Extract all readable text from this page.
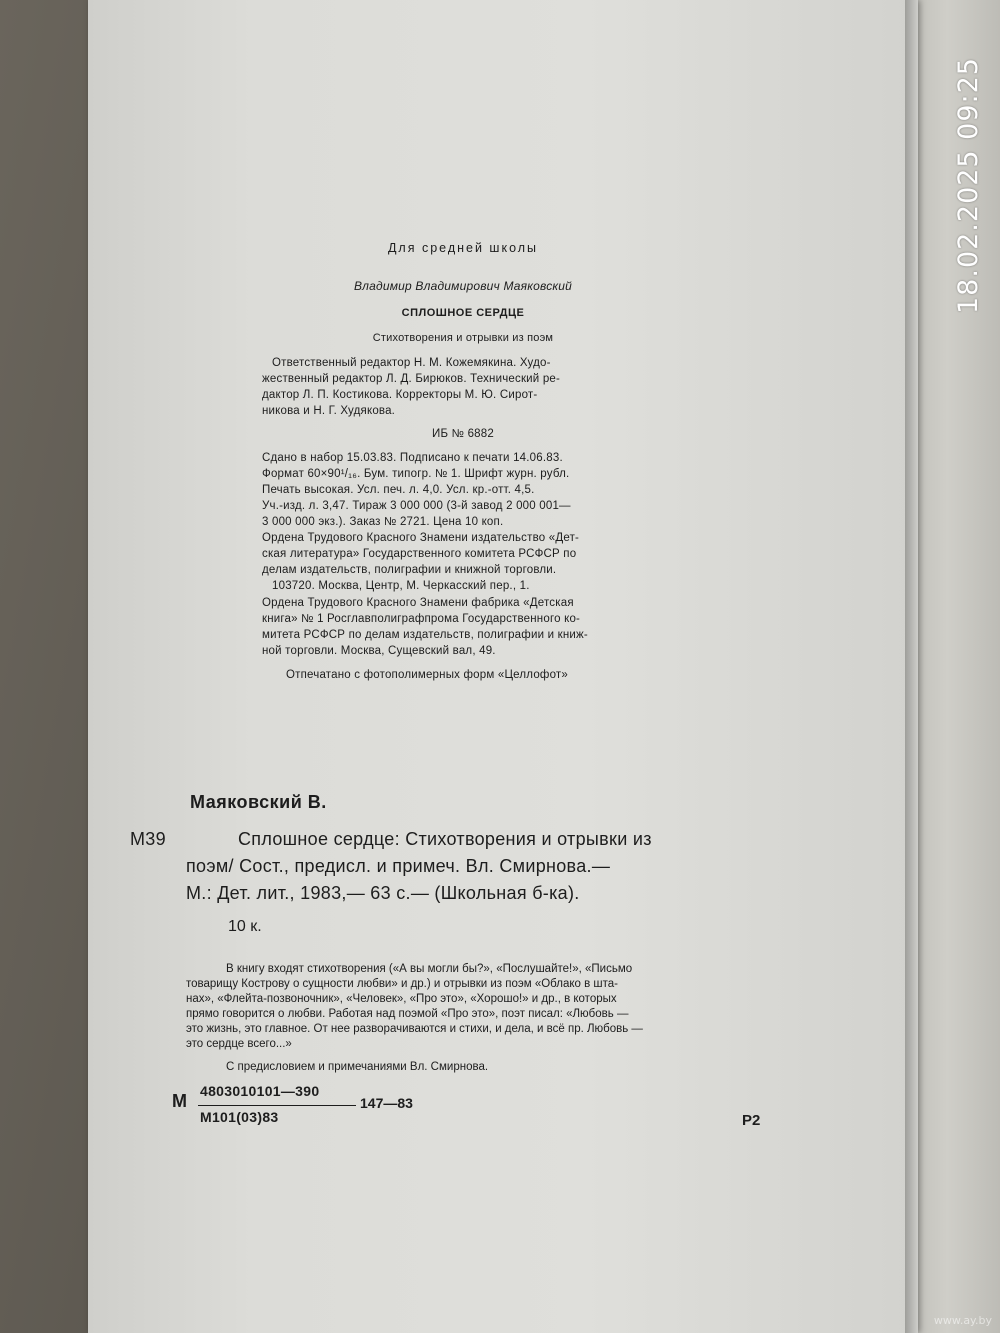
Для средней школы

Владимир Владимирович Маяковский

СПЛОШНОЕ СЕРДЦЕ

Стихотворения и отрывки из поэм

Ответственный редактор Н. М. Кожемякина. Худо-

жественный редактор Л. Д. Бирюков. Технический ре-

дактор Л. П. Костикова. Корректоры М. Ю. Сирот-

никова и Н. Г. Худякова.

ИБ № 6882

Сдано в набор 15.03.83. Подписано к печати 14.06.83.

Формат 60×90¹/₁₆. Бум. типогр. № 1. Шрифт журн. рубл.

Печать высокая. Усл. печ. л. 4,0. Усл. кр.-отт. 4,5.

Уч.-изд. л. 3,47. Тираж 3 000 000 (3-й завод 2 000 001—

3 000 000 экз.). Заказ № 2721. Цена 10 коп.

Ордена Трудового Красного Знамени издательство «Дет-

ская литература» Государственного комитета РСФСР по

делам издательств, полиграфии и книжной торговли.

103720. Москва, Центр, М. Черкасский пер., 1.

Ордена Трудового Красного Знамени фабрика «Детская

книга» № 1 Росглавполиграфпрома Государственного ко-

митета РСФСР по делам издательств, полиграфии и книж-

ной торговли. Москва, Сущевский вал, 49.

Отпечатано с фотополимерных форм «Целлофот»

Маяковский В.

М39	Сплошное сердце: Стихотворения и отрывки из

поэм/ Сост., предисл. и примеч. Вл. Смирнова.—

М.: Дет. лит., 1983,— 63 с.— (Школьная б-ка).

10 к.

В книгу входят стихотворения («А вы могли бы?», «Послушайте!», «Письмо

товарищу Кострову о сущности любви» и др.) и отрывки из поэм «Облако в шта-

нах», «Флейта-позвоночник», «Человек», «Про это», «Хорошо!» и др., в которых

прямо говорится о любви. Работая над поэмой «Про это», поэт писал: «Любовь —

это жизнь, это главное. От нее разворачиваются и стихи, и дела, и всё пр. Любовь —

это сердце всего...»

С предисловием и примечаниями Вл. Смирнова.

М 4803010101—390

147—83

М101(03)83	Р2

18.02.2025 09:25
www.ay.by
